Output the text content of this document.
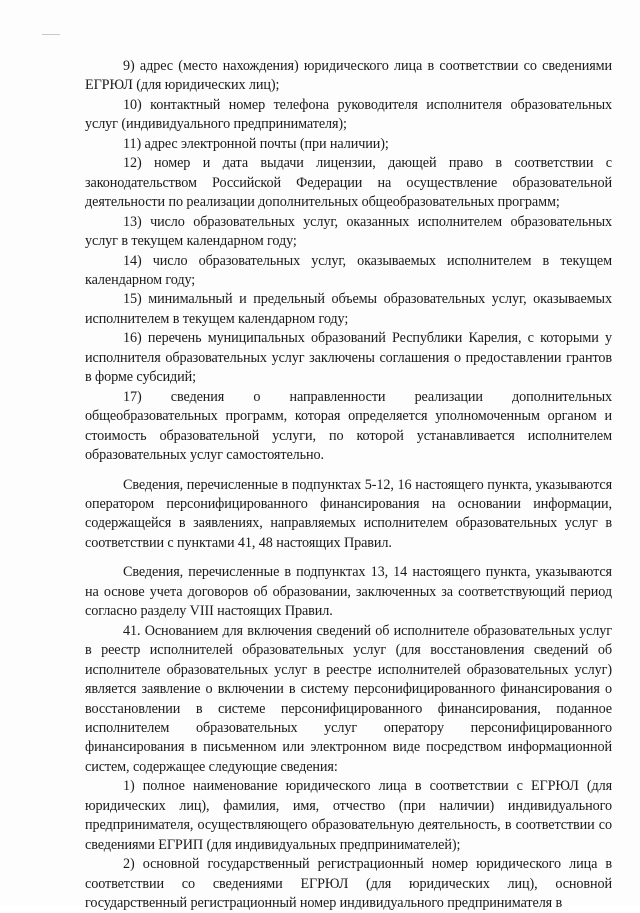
9) адрес (место нахождения) юридического лица в соответствии со сведениями ЕГРЮЛ (для юридических лиц);

10) контактный номер телефона руководителя исполнителя образовательных услуг (индивидуального предпринимателя);

11) адрес электронной почты (при наличии);

12) номер и дата выдачи лицензии, дающей право в соответствии с законодательством Российской Федерации на осуществление образовательной деятельности по реализации дополнительных общеобразовательных программ;

13) число образовательных услуг, оказанных исполнителем образовательных услуг в текущем календарном году;

14) число образовательных услуг, оказываемых исполнителем в текущем календарном году;

15) минимальный и предельный объемы образовательных услуг, оказываемых исполнителем в текущем календарном году;

16) перечень муниципальных образований Республики Карелия, с которыми у исполнителя образовательных услуг заключены соглашения о предоставлении грантов в форме субсидий;

17) сведения о направленности реализации дополнительных общеобразовательных программ, которая определяется уполномоченным органом и стоимость образовательной услуги, по которой устанавливается исполнителем образовательных услуг самостоятельно.

Сведения, перечисленные в подпунктах 5-12, 16 настоящего пункта, указываются оператором персонифицированного финансирования на основании информации, содержащейся в заявлениях, направляемых исполнителем образовательных услуг в соответствии с пунктами 41, 48 настоящих Правил.

Сведения, перечисленные в подпунктах 13, 14 настоящего пункта, указываются на основе учета договоров об образовании, заключенных за соответствующий период согласно разделу VIII настоящих Правил.

41. Основанием для включения сведений об исполнителе образовательных услуг в реестр исполнителей образовательных услуг (для восстановления сведений об исполнителе образовательных услуг в реестре исполнителей образовательных услуг) является заявление о включении в систему персонифицированного финансирования о восстановлении в системе персонифицированного финансирования, поданное исполнителем образовательных услуг оператору персонифицированного финансирования в письменном или электронном виде посредством информационной систем, содержащее следующие сведения:

1) полное наименование юридического лица в соответствии с ЕГРЮЛ (для юридических лиц), фамилия, имя, отчество (при наличии) индивидуального предпринимателя, осуществляющего образовательную деятельность, в соответствии со сведениями ЕГРИП (для индивидуальных предпринимателей);

2) основной государственный регистрационный номер юридического лица в соответствии со сведениями ЕГРЮЛ (для юридических лиц), основной государственный регистрационный номер индивидуального предпринимателя в
